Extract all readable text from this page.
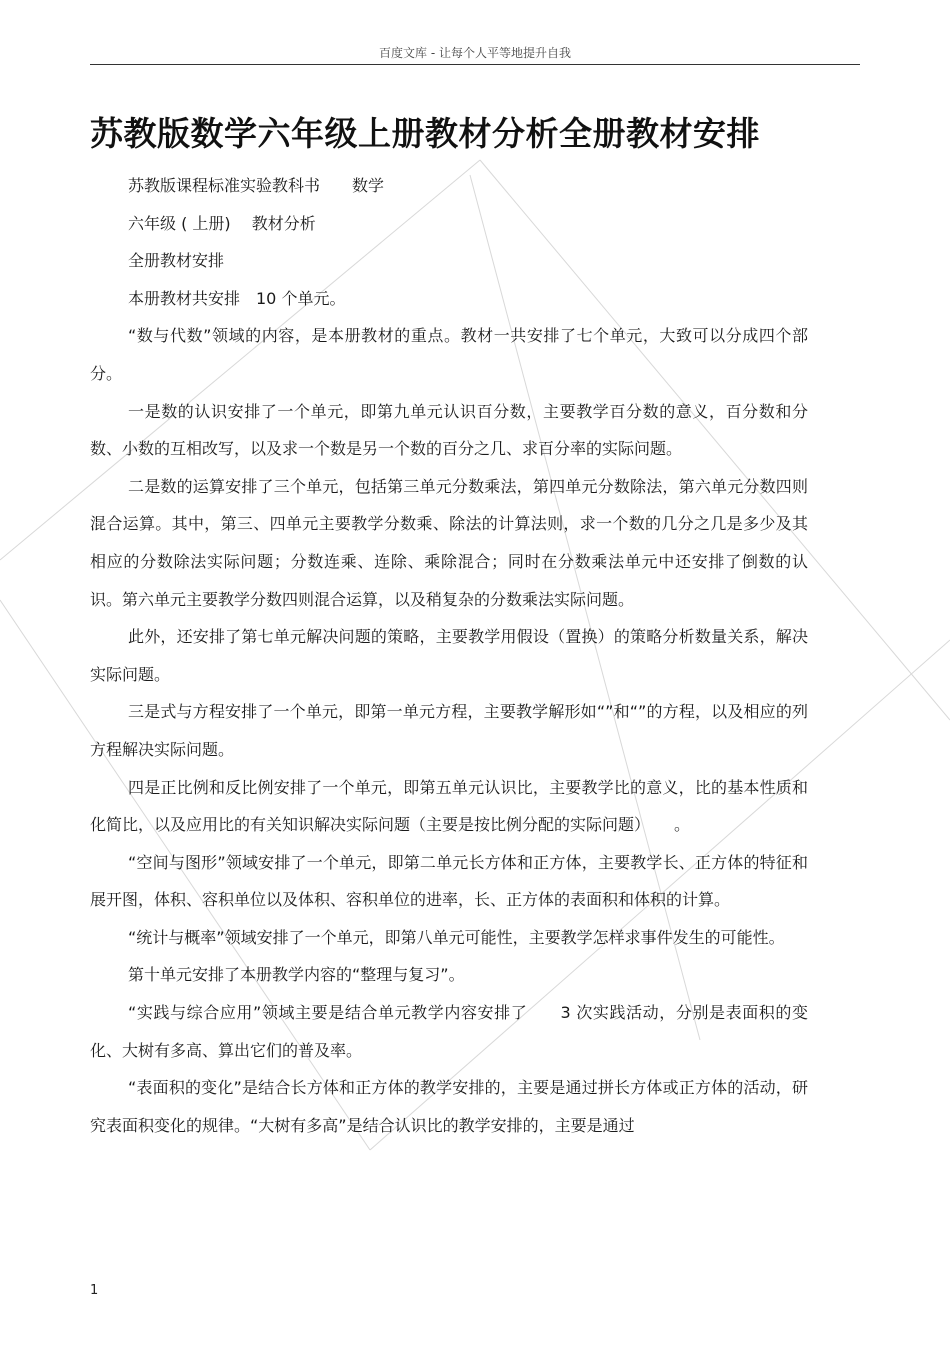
百度文库 - 让每个人平等地提升自我
苏教版数学六年级上册教材分析全册教材安排

苏教版课程标准实验教科书　　数学

六年级 ( 上册)　 教材分析

全册教材安排

本册教材共安排　10 个单元。

“数与代数”领域的内容，是本册教材的重点。教材一共安排了七个单元，大致可以分成四个部分。

一是数的认识安排了一个单元，即第九单元认识百分数，主要教学百分数的意义，百分数和分数、小数的互相改写，以及求一个数是另一个数的百分之几、求百分率的实际问题。

二是数的运算安排了三个单元，包括第三单元分数乘法，第四单元分数除法，第六单元分数四则混合运算。其中，第三、四单元主要教学分数乘、除法的计算法则，求一个数的几分之几是多少及其相应的分数除法实际问题；分数连乘、连除、乘除混合；同时在分数乘法单元中还安排了倒数的认识。第六单元主要教学分数四则混合运算，以及稍复杂的分数乘法实际问题。

此外，还安排了第七单元解决问题的策略，主要教学用假设（置换）的策略分析数量关系，解决实际问题。

三是式与方程安排了一个单元，即第一单元方程，主要教学解形如“”和“”的方程，以及相应的列方程解决实际问题。

四是正比例和反比例安排了一个单元，即第五单元认识比，主要教学比的意义，比的基本性质和化简比，以及应用比的有关知识解决实际问题（主要是按比例分配的实际问题）　　。

“空间与图形”领域安排了一个单元，即第二单元长方体和正方体，主要教学长、正方体的特征和展开图，体积、容积单位以及体积、容积单位的进率，长、正方体的表面积和体积的计算。

“统计与概率”领域安排了一个单元，即第八单元可能性，主要教学怎样求事件发生的可能性。

第十单元安排了本册教学内容的“整理与复习”。

“实践与综合应用”领域主要是结合单元教学内容安排了　　3 次实践活动，分别是表面积的变化、大树有多高、算出它们的普及率。

“表面积的变化”是结合长方体和正方体的教学安排的，主要是通过拼长方体或正方体的活动，研究表面积变化的规律。“大树有多高”是结合认识比的教学安排的，主要是通过

1
